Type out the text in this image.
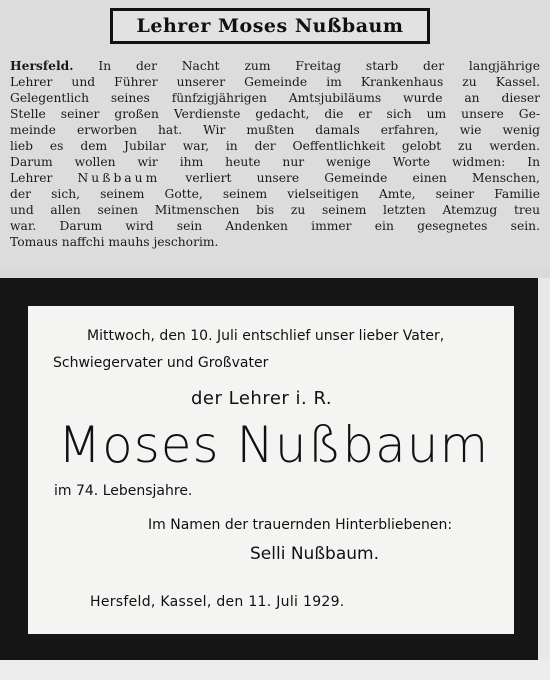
Lehrer Moses Nußbaum
Hersfeld. In der Nacht zum Freitag starb der langjährige
Lehrer und Führer unserer Gemeinde im Krankenhaus zu Kassel.
Gelegentlich seines fünfzigjährigen Amtsjubiläums wurde an dieser
Stelle seiner großen Verdienste gedacht, die er sich um unsere Ge-
meinde erworben hat. Wir mußten damals erfahren, wie wenig
lieb es dem Jubilar war, in der Oeffentlichkeit gelobt zu werden.
Darum wollen wir ihm heute nur wenige Worte widmen: In
Lehrer Nußbaum verliert unsere Gemeinde einen Menschen,
der sich, seinem Gotte, seinem vielseitigen Amte, seiner Familie
und allen seinen Mitmenschen bis zu seinem letzten Atemzug treu
war. Darum wird sein Andenken immer ein gesegnetes sein.
Tomaus naffchi mauhs jeschorim.
Mittwoch, den 10. Juli entschlief unser lieber Vater,
Schwiegervater und Großvater
der Lehrer i. R.
Moses Nußbaum
im 74. Lebensjahre.
Im Namen der trauernden Hinterbliebenen:
Selli Nußbaum.
Hersfeld, Kassel, den 11. Juli 1929.
